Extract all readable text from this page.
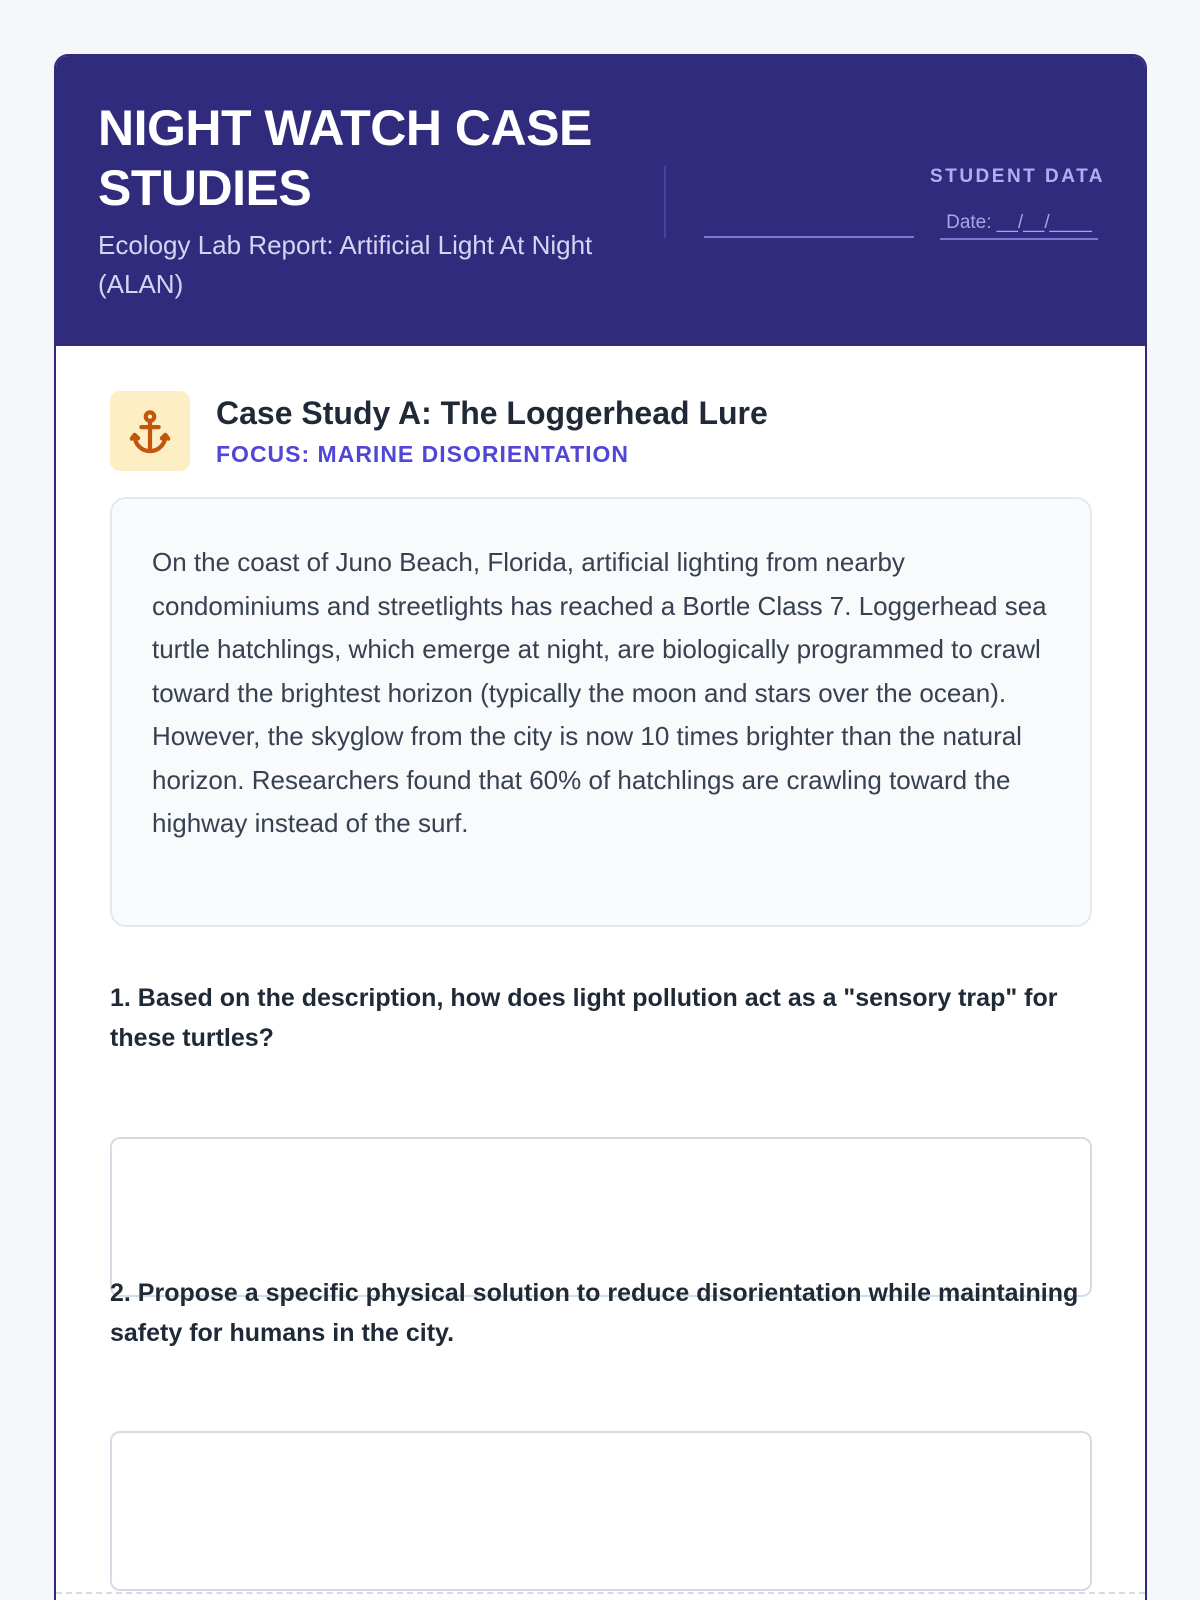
NIGHT WATCH CASE STUDIES
Ecology Lab Report: Artificial Light At Night (ALAN)
STUDENT DATA
Date: __/__/____
Case Study A: The Loggerhead Lure
FOCUS: MARINE DISORIENTATION

On the coast of Juno Beach, Florida, artificial lighting from nearby condominiums and streetlights has reached a Bortle Class 7. Loggerhead sea turtle hatchlings, which emerge at night, are biologically programmed to crawl toward the brightest horizon (typically the moon and stars over the ocean). However, the skyglow from the city is now 10 times brighter than the natural horizon. Researchers found that 60% of hatchlings are crawling toward the highway instead of the surf.

1. Based on the description, how does light pollution act as a "sensory trap" for these turtles?
2. Propose a specific physical solution to reduce disorientation while maintaining safety for humans in the city.
